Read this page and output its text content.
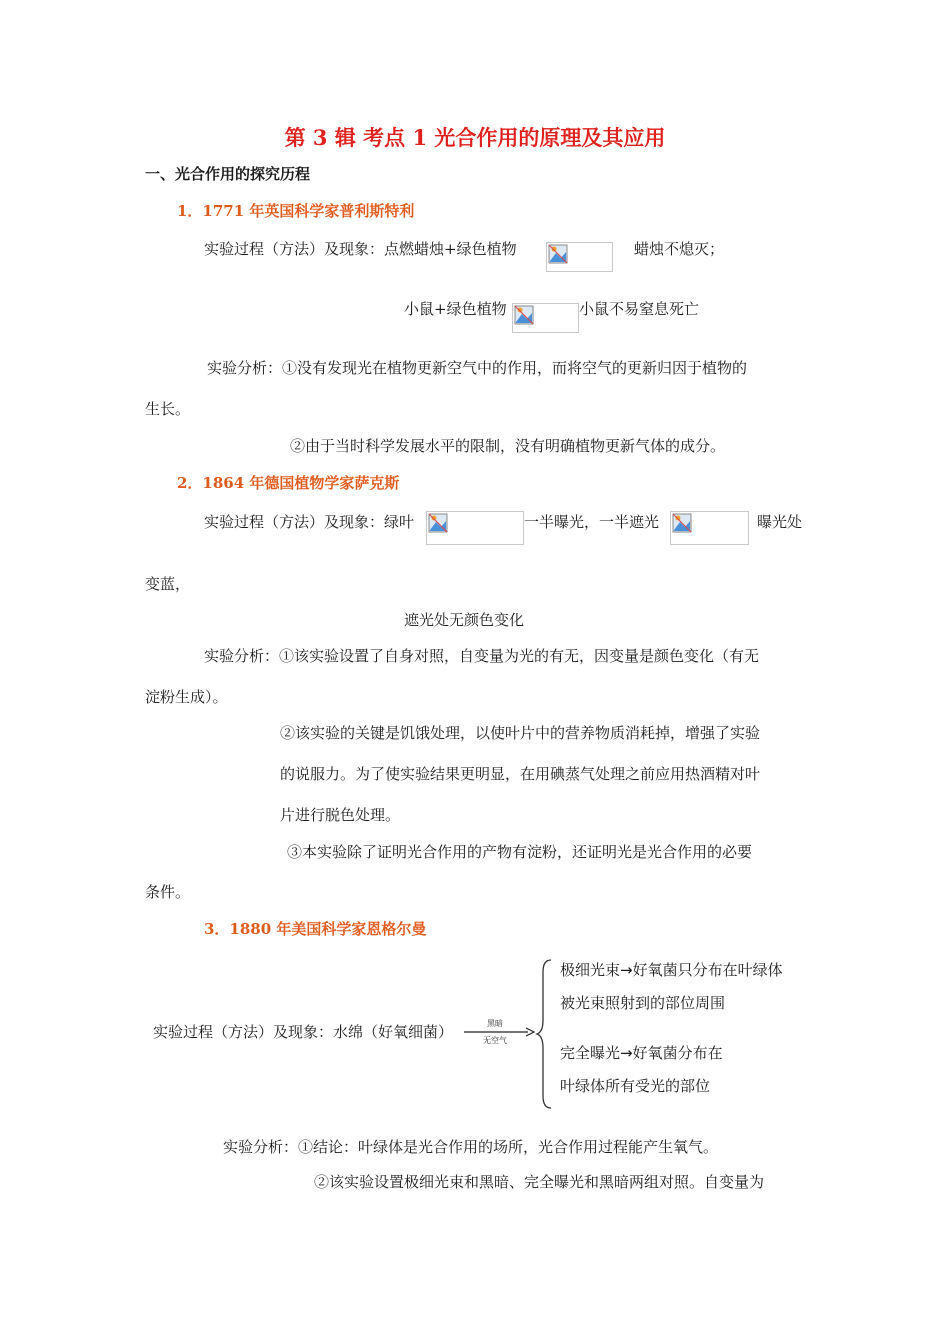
第 3 辑 考点 1 光合作用的原理及其应用
一、光合作用的探究历程
1．1771 年英国科学家普利斯特利
实验过程（方法）及现象：点燃蜡烛+绿色植物	蜡烛不熄灭；
小鼠+绿色植物	小鼠不易窒息死亡
实验分析：①没有发现光在植物更新空气中的作用，而将空气的更新归因于植物的
生长。
②由于当时科学发展水平的限制，没有明确植物更新气体的成分。
2．1864 年德国植物学家萨克斯
实验过程（方法）及现象：绿叶	一半曝光，一半遮光	曝光处
变蓝，
遮光处无颜色变化
实验分析：①该实验设置了自身对照，自变量为光的有无，因变量是颜色变化（有无
淀粉生成）。
②该实验的关键是饥饿处理，以使叶片中的营养物质消耗掉，增强了实验
的说服力。为了使实验结果更明显，在用碘蒸气处理之前应用热酒精对叶
片进行脱色处理。
③本实验除了证明光合作用的产物有淀粉，还证明光是光合作用的必要
条件。
3．1880 年美国科学家恩格尔曼
实验过程（方法）及现象：水绵（好氧细菌）	黑暗
无空气
极细光束→好氧菌只分布在叶绿体
被光束照射到的部位周围
完全曝光→好氧菌分布在
叶绿体所有受光的部位
实验分析：①结论：叶绿体是光合作用的场所，光合作用过程能产生氧气。
②该实验设置极细光束和黑暗、完全曝光和黑暗两组对照。自变量为
